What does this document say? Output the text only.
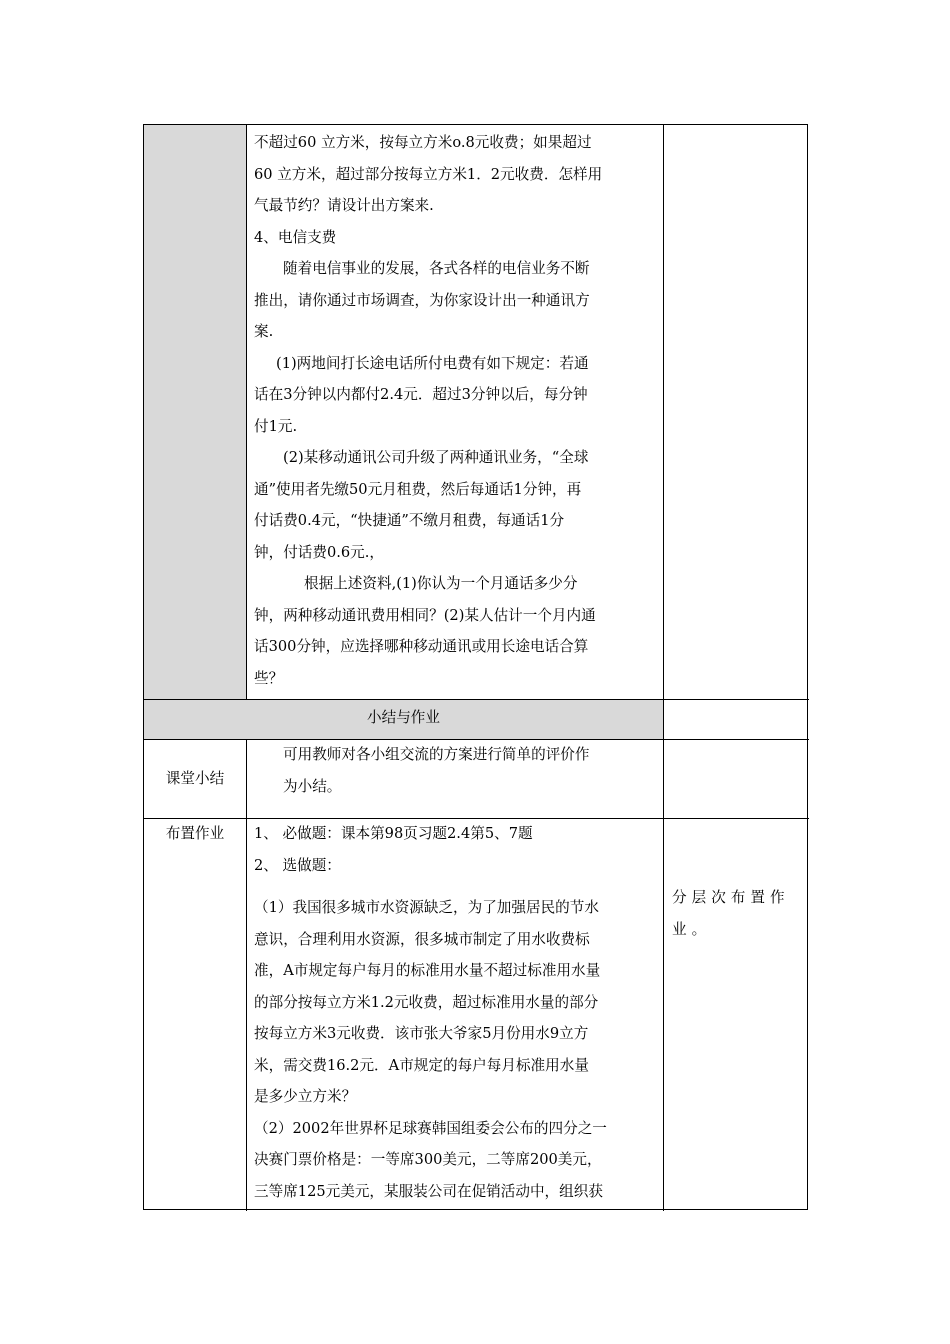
小结与作业

不超过60 立方米，按每立方米o.8元收费；如果超过

60 立方米，超过部分按每立方米1．2元收费．怎样用

气最节约？请设计出方案来.

4、电信支费

随着电信事业的发展，各式各样的电信业务不断

推出，请你通过市场调查，为你家设计出一种通讯方

案.

(1)两地间打长途电话所付电费有如下规定：若通

话在3分钟以内都付2.4元．超过3分钟以后，每分钟

付1元.

(2)某移动通讯公司升级了两种通讯业务，“全球

通”使用者先缴50元月租费，然后每通话1分钟，再

付话费0.4元，“快捷通”不缴月租费，每通话1分

钟，付话费0.6元.，

根据上述资料,(1)你认为一个月通话多少分

钟，两种移动通讯费用相同？(2)某人估计一个月内通

话300分钟，应选择哪种移动通讯或用长途电话合算

些？

课堂小结

可用教师对各小组交流的方案进行简单的评价作

为小结。

布置作业	1、 必做题：课本第98页习题2.4第5、7题

2、 选做题：

（1）我国很多城市水资源缺乏，为了加强居民的节水

意识，合理利用水资源，很多城市制定了用水收费标

准，A市规定每户每月的标准用水量不超过标准用水量

的部分按每立方米1.2元收费，超过标准用水量的部分

按每立方米3元收费．该市张大爷家5月份用水9立方

米，需交费16.2元．A市规定的每户每月标准用水量

是多少立方米？

（2）2002年世界杯足球赛韩国组委会公布的四分之一

决赛门票价格是：一等席300美元，二等席200美元，

三等席125元美元，某服装公司在促销活动中，组织获

分层次布置作

业。
